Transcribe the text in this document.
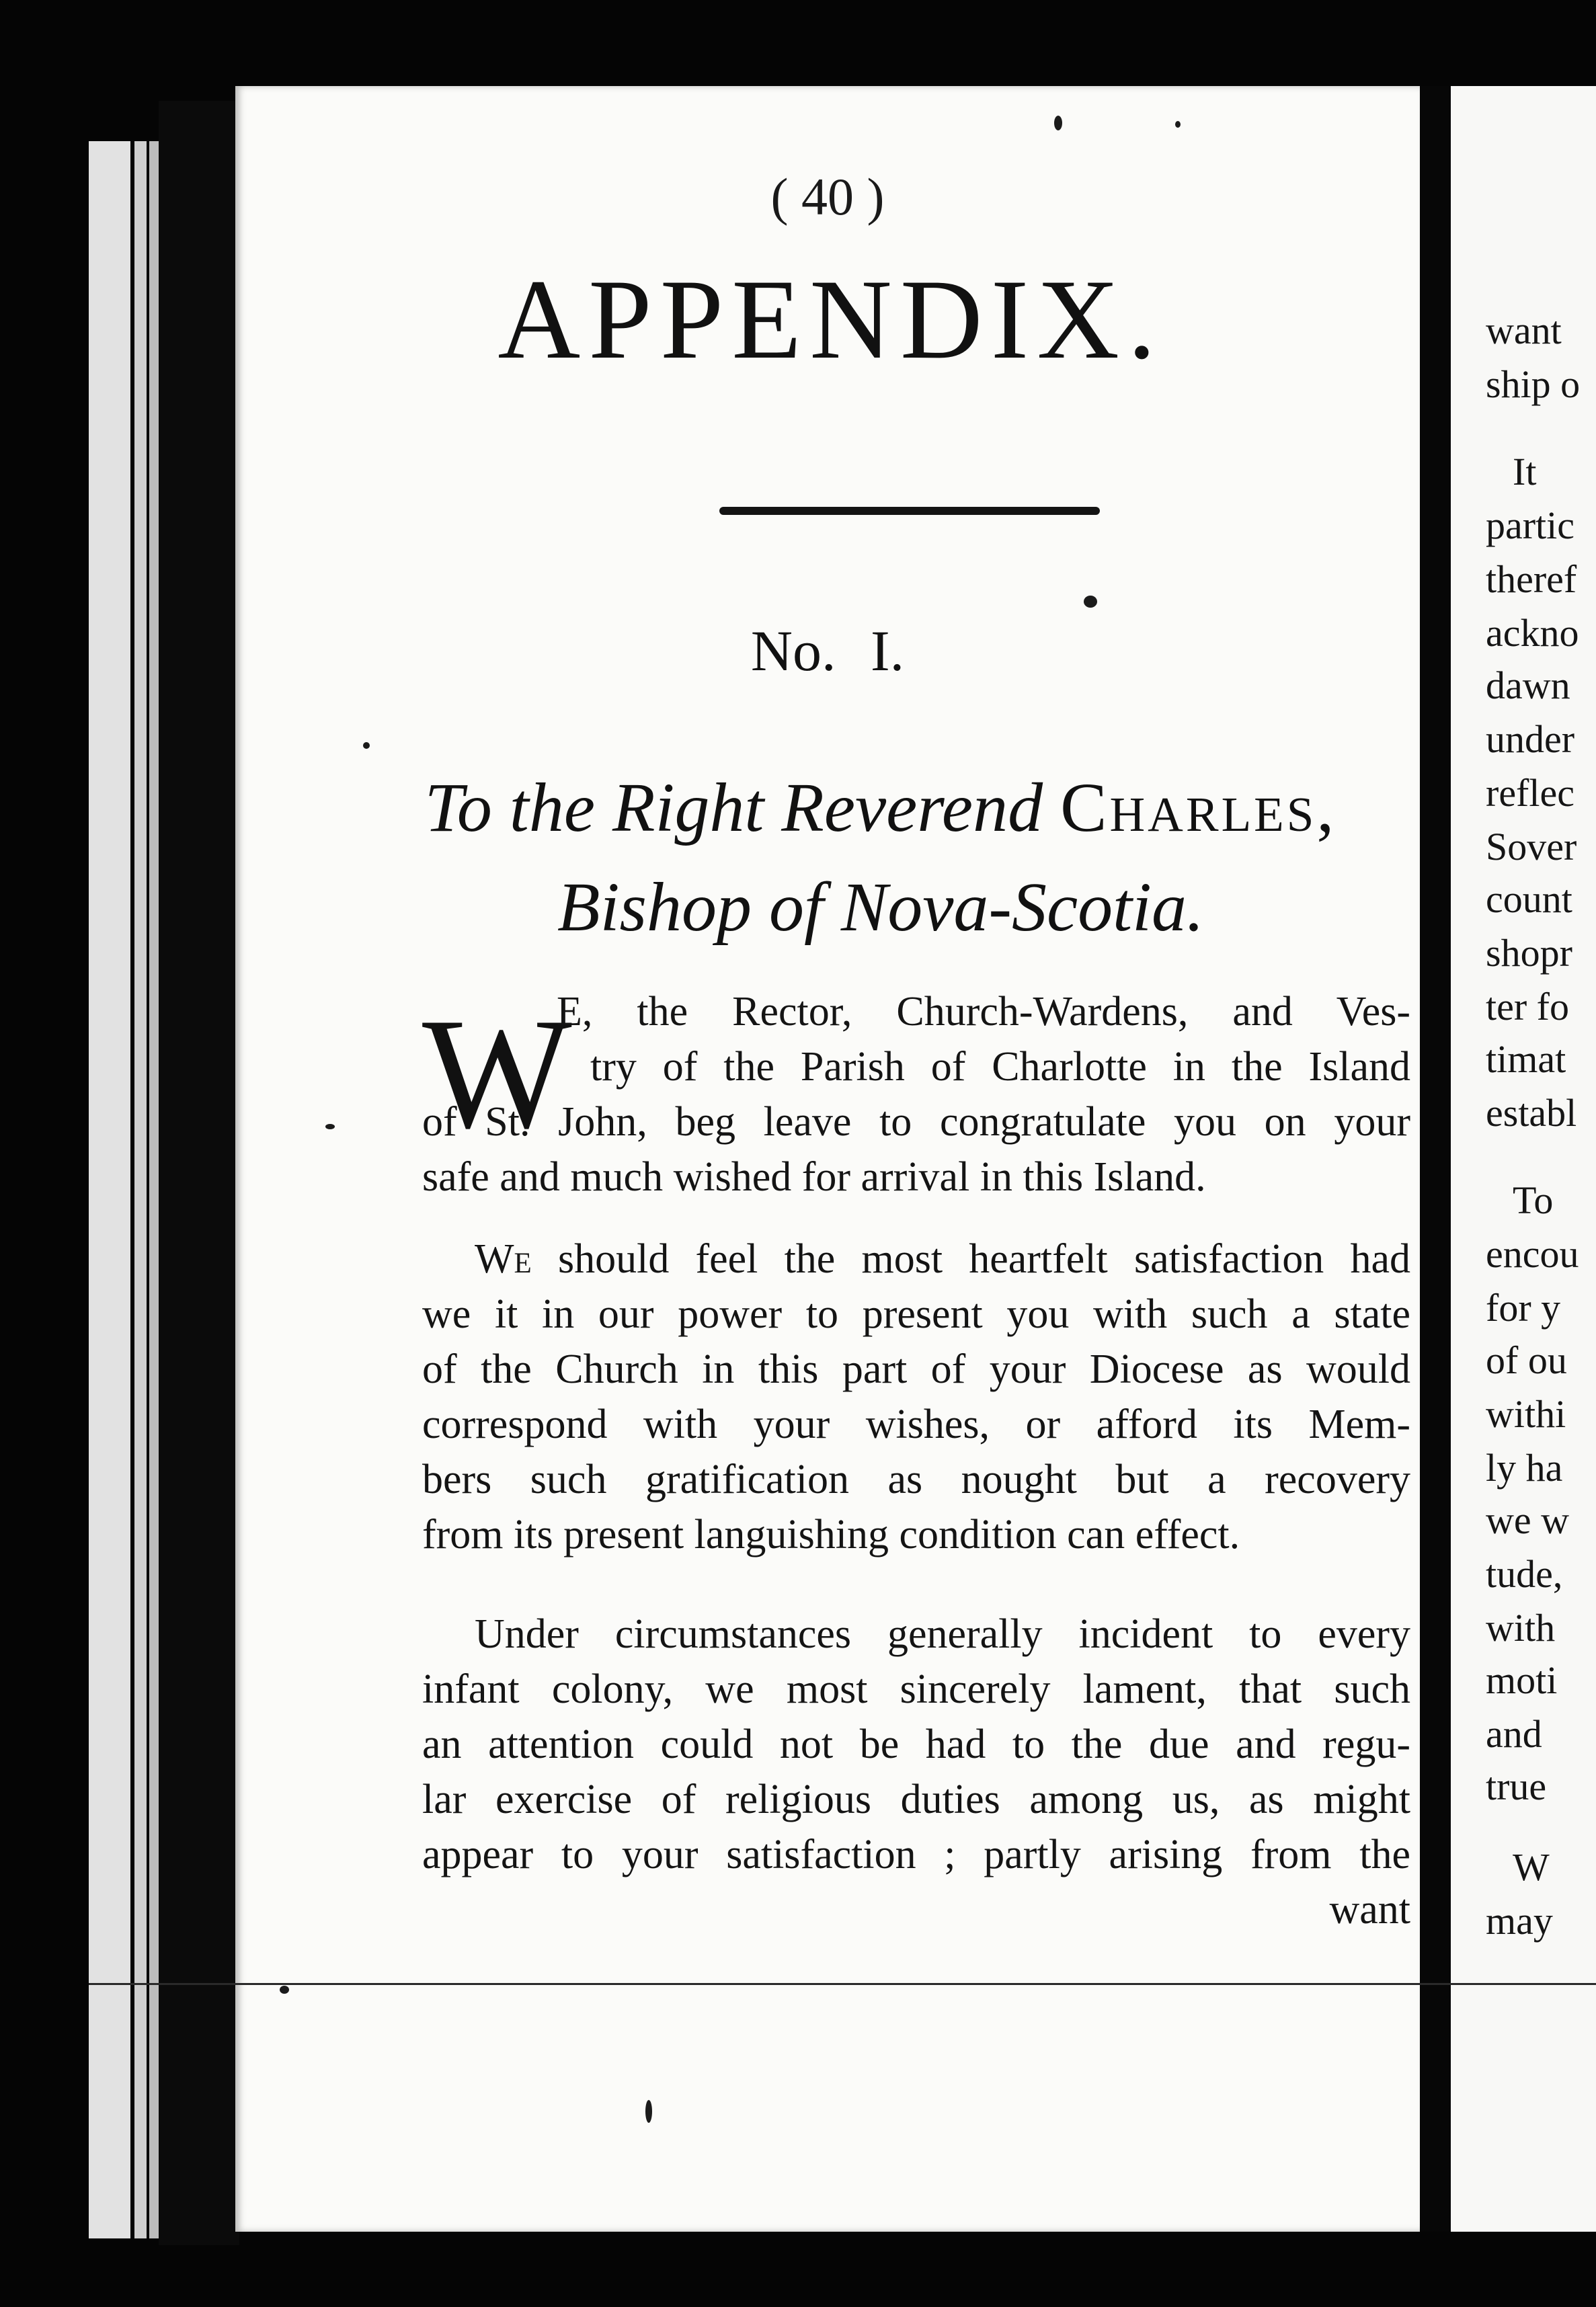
( 40 )
APPENDIX.
No. I.
To the Right Reverend Charles,
Bishop of Nova-Scotia.
W
E, the Rector, Church-Wardens, and Ves-
try of the Parish of Charlotte in the Island
of St. John, beg leave to congratulate you on your
safe and much wished for arrival in this Island.
We should feel the most heartfelt satisfaction had
we it in our power to present you with such a state
of the Church in this part of your Diocese as would
correspond with your wishes, or afford its Mem-
bers such gratification as nought but a recovery
from its present languishing condition can effect.
Under circumstances generally incident to every
infant colony, we most sincerely lament, that such
an attention could not be had to the due and regu-
lar exercise of religious duties among us, as might
appear to your satisfaction ; partly arising from the
want
want
ship o
It
partic
theref
ackno
dawn
under
reflec
Sover
count
shopr
ter fo
timat
establ
To
encou
for y
of ou
withi
ly ha
we w
tude,
with
moti
and
true
W
may
